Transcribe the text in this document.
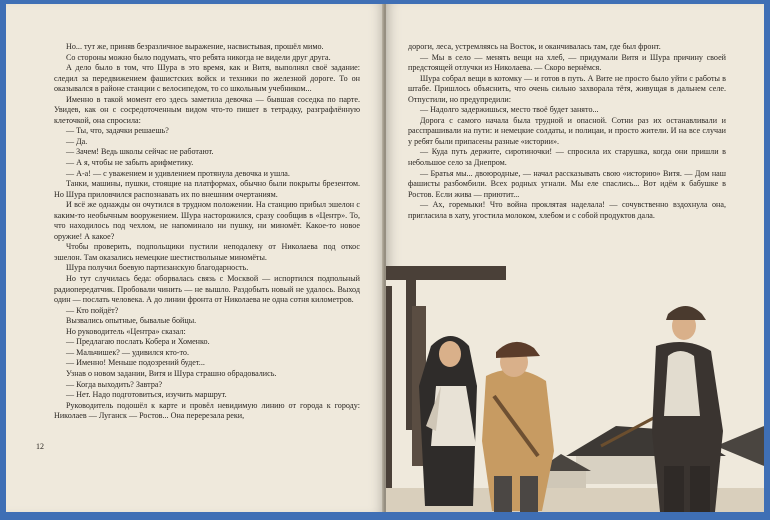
Но... тут же, приняв безразличное выражение, насвистывая, прошёл мимо.

Со стороны можно было подумать, что ребята никогда не видели друг друга.

А дело было в том, что Шура в это время, как и Витя, выполнял своё задание: следил за передвижением фашистских войск и техники по железной дороге. То он оказывался в районе станции с велосипедом, то со школьным учебником...

Именно в такой момент его здесь заметила девочка — бывшая соседка по парте. Увидев, как он с сосредоточенным видом что-то пишет в тетрадку, разграфлённую клеточкой, она спросила:

— Ты, что, задачки решаешь?

— Да.

— Зачем! Ведь школы сейчас не работают.

— А я, чтобы не забыть арифметику.

— А-а! — с уважением и удивлением протянула девочка и ушла.

Танки, машины, пушки, стоящие на платформах, обычно были покрыты брезентом. Но Шура приловчился распознавать их по внешним очертаниям.

И всё же однажды он очутился в трудном положении. На станцию прибыл эшелон с каким-то необычным вооружением. Шура насторожился, сразу сообщив в «Центр». То, что находилось под чехлом, не напоминало ни пушку, ни миномёт. Какое-то новое оружие! А какое?

Чтобы проверить, подпольщики пустили неподалеку от Николаева под откос эшелон. Там оказались немецкие шестиствольные миномёты.

Шура получил боевую партизанскую благодарность.

Но тут случилась беда: оборвалась связь с Москвой — испортился подпольный радиопередатчик. Пробовали чинить — не вышло. Раздобыть новый не удалось. Выход один — послать человека. А до линии фронта от Николаева не одна сотня километров.

— Кто пойдёт?

Вызвались опытные, бывалые бойцы.

Но руководитель «Центра» сказал:

— Предлагаю послать Кобера и Хоменко.

— Мальчишек? — удивился кто-то.

— Именно! Меньше подозрений будет...

Узнав о новом задании, Витя и Шура страшно обрадовались.

— Когда выходить? Завтра?

— Нет. Надо подготовиться, изучить маршрут.

Руководитель подошёл к карте и провёл невидимую линию от города к городу: Николаев — Луганск — Ростов... Она перерезала реки,

12

дороги, леса, устремляясь на Восток, и оканчивалась там, где был фронт.

— Мы в село — менять вещи на хлеб, — придумали Витя и Шура причину своей предстоящей отлучки из Николаева. — Скоро вернёмся.

Шура собрал вещи в котомку — и готов в путь. А Вите не просто было уйти с работы в штабе. Пришлось объяснить, что очень сильно захворала тётя, живущая в дальнем селе. Отпустили, но предупредили:

— Надолго задержишься, место твоё будет занято...

Дорога с самого начала была трудной и опасной. Сотни раз их останавливали и расспрашивали на пути: и немецкие солдаты, и полицаи, и просто жители. И на все случаи у ребят были припасены разные «истории».

— Куда путь держите, сиротиночки! — спросила их старушка, когда они пришли в небольшое село за Днепром.

— Братья мы... двоюродные, — начал рассказывать свою «историю» Витя. — Дом наш фашисты разбомбили. Всех родных угнали. Мы еле спаслись... Вот идём к бабушке в Ростов. Если жива — приютит...

— Ах, горемыки! Что война проклятая наделала! — сочувственно вздохнула она, пригласила в хату, угостила молоком, хлебом и с собой продуктов дала.
